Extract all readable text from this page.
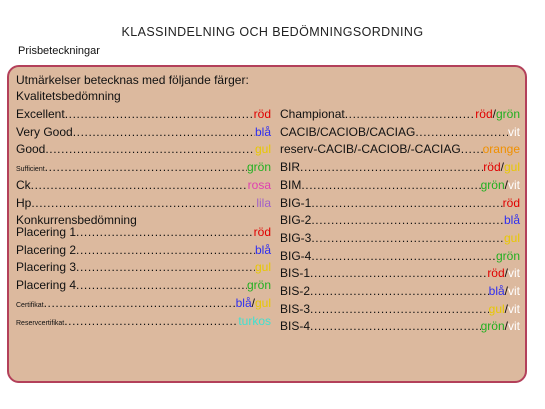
KLASSINDELNING OCH BEDÖMNINGSORDNING
Prisbeteckningar
Utmärkelser betecknas med följande färger:
Kvalitetsbedömning
Konkurrensbedömning
Excellent .....	röd
Very Good .....	blå
Good .....	gul
Sufficient .....	grön
Ck .....	rosa
Hp .....	lila
Placering 1 .....	röd
Placering 2 .....	blå
Placering 3 .....	gul
Placering 4 .....	grön
Certifikat .....	blå / gul
Reservcertifikat .....	turkos
Championat .....	röd / grön
CACIB/CACIOB/CACIAG .....	vit
reserv-CACIB/-CACIOB/-CACIAG ..... orange
BIR .....	röd / gul
BIM .....	grön / vit
BIG-1 .....	röd
BIG-2 .....	blå
BIG-3 .....	gul
BIG-4 .....	grön
BIS-1 .....	röd / vit
BIS-2 .....	blå / vit
BIS-3 .....	gul / vit
BIS-4 .....	grön / vit
